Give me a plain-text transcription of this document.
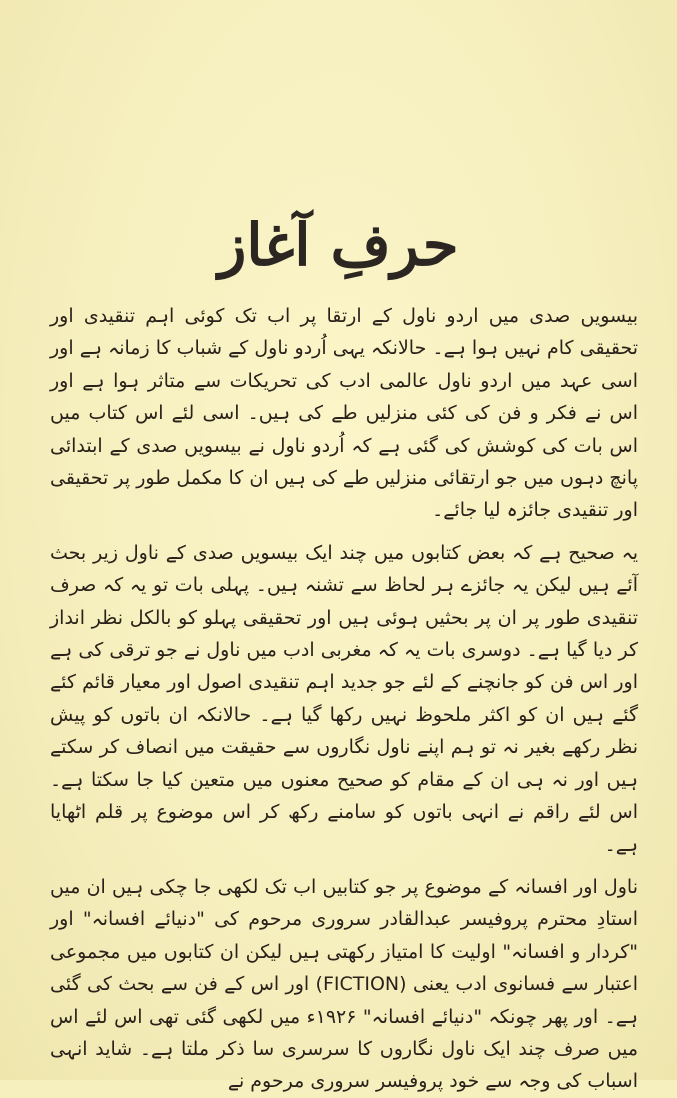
حرفِ آغاز

بیسویں صدی میں اردو ناول کے ارتقا پر اب تک کوئی اہم تنقیدی اور تحقیقی کام نہیں ہوا ہے۔ حالانکہ یہی اُردو ناول کے شباب کا زمانہ ہے اور اسی عہد میں اردو ناول عالمی ادب کی تحریکات سے متاثر ہوا ہے اور اس نے فکر و فن کی کئی منزلیں طے کی ہیں۔ اسی لئے اس کتاب میں اس بات کی کوشش کی گئی ہے کہ اُردو ناول نے بیسویں صدی کے ابتدائی پانچ دہوں میں جو ارتقائی منزلیں طے کی ہیں ان کا مکمل طور پر تحقیقی اور تنقیدی جائزہ لیا جائے۔

یہ صحیح ہے کہ بعض کتابوں میں چند ایک بیسویں صدی کے ناول زیر بحث آئے ہیں لیکن یہ جائزے ہر لحاظ سے تشنہ ہیں۔ پہلی بات تو یہ کہ صرف تنقیدی طور پر ان پر بحثیں ہوئی ہیں اور تحقیقی پہلو کو بالکل نظر انداز کر دیا گیا ہے۔ دوسری بات یہ کہ مغربی ادب میں ناول نے جو ترقی کی ہے اور اس فن کو جانچنے کے لئے جو جدید اہم تنقیدی اصول اور معیار قائم کئے گئے ہیں ان کو اکثر ملحوظ نہیں رکھا گیا ہے۔ حالانکہ ان باتوں کو پیش نظر رکھے بغیر نہ تو ہم اپنے ناول نگاروں سے حقیقت میں انصاف کر سکتے ہیں اور نہ ہی ان کے مقام کو صحیح معنوں میں متعین کیا جا سکتا ہے۔ اس لئے راقم نے انہی باتوں کو سامنے رکھ کر اس موضوع پر قلم اٹھایا ہے۔

ناول اور افسانہ کے موضوع پر جو کتابیں اب تک لکھی جا چکی ہیں ان میں استادِ محترم پروفیسر عبدالقادر سروری مرحوم کی "دنیائے افسانہ" اور "کردار و افسانہ" اولیت کا امتیاز رکھتی ہیں لیکن ان کتابوں میں مجموعی اعتبار سے فسانوی ادب یعنی (FICTION) اور اس کے فن سے بحث کی گئی ہے۔ اور پھر چونکہ "دنیائے افسانہ" ۱۹۲۶ء میں لکھی گئی تھی اس لئے اس میں صرف چند ایک ناول نگاروں کا سرسری سا ذکر ملتا ہے۔ شاید انہی اسباب کی وجہ سے خود پروفیسر سروری مرحوم نے
